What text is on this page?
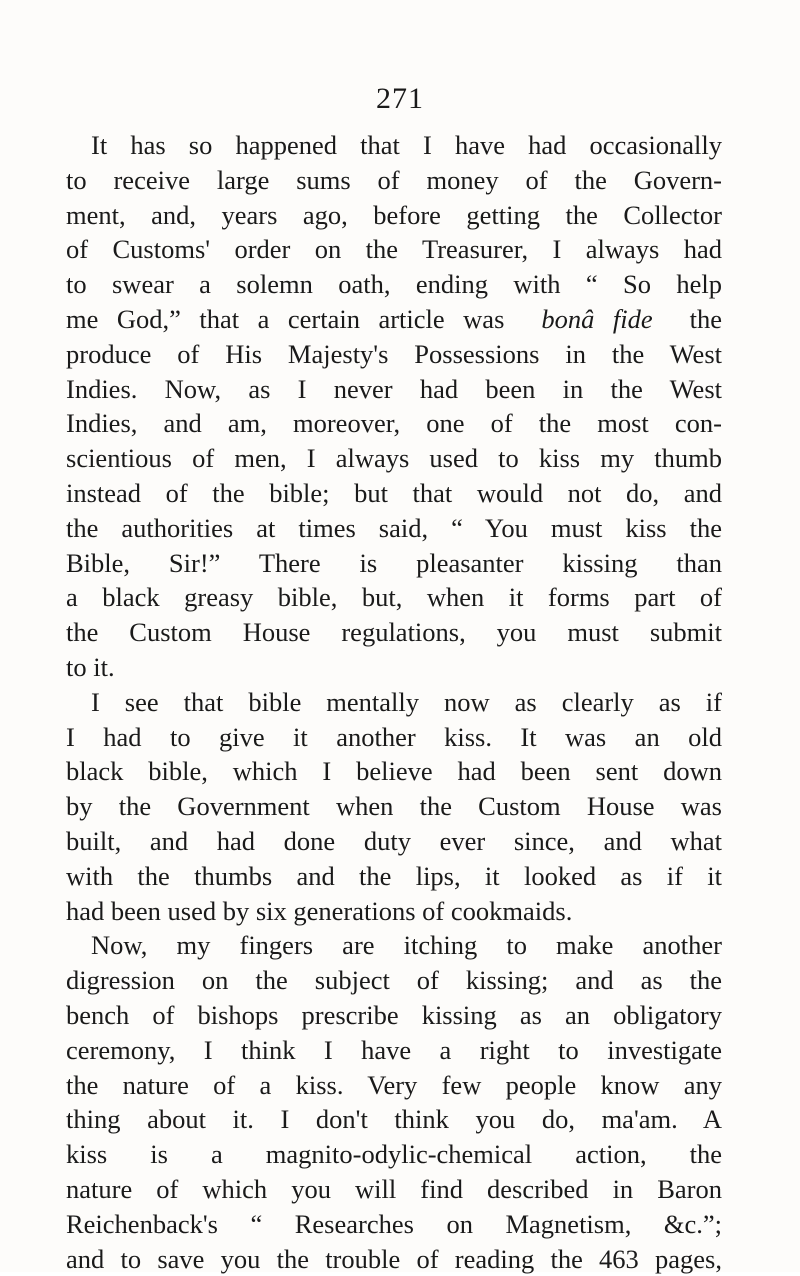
271
It has so happened that I have had occasionally
to receive large sums of money of the Govern-
ment, and, years ago, before getting the Collector
of Customs' order on the Treasurer, I always had
to swear a solemn oath, ending with “ So help
me God,” that a certain article was  bonâ fide  the
produce of His Majesty's Possessions in the West
Indies. Now, as I never had been in the West
Indies, and am, moreover, one of the most con-
scientious of men, I always used to kiss my thumb
instead of the bible; but that would not do, and
the authorities at times said, “ You must kiss the
Bible, Sir!” There is pleasanter kissing than
a black greasy bible, but, when it forms part of
the Custom House regulations, you must submit
to it.
I see that bible mentally now as clearly as if
I had to give it another kiss. It was an old
black bible, which I believe had been sent down
by the Government when the Custom House was
built, and had done duty ever since, and what
with the thumbs and the lips, it looked as if it
had been used by six generations of cookmaids.
Now, my fingers are itching to make another
digression on the subject of kissing; and as the
bench of bishops prescribe kissing as an obligatory
ceremony, I think I have a right to investigate
the nature of a kiss. Very few people know any
thing about it. I don't think you do, ma'am. A
kiss is a magnito-odylic-chemical action, the
nature of which you will find described in Baron
Reichenback's “ Researches on Magnetism, &c.”;
and to save you the trouble of reading the 463 pages,
